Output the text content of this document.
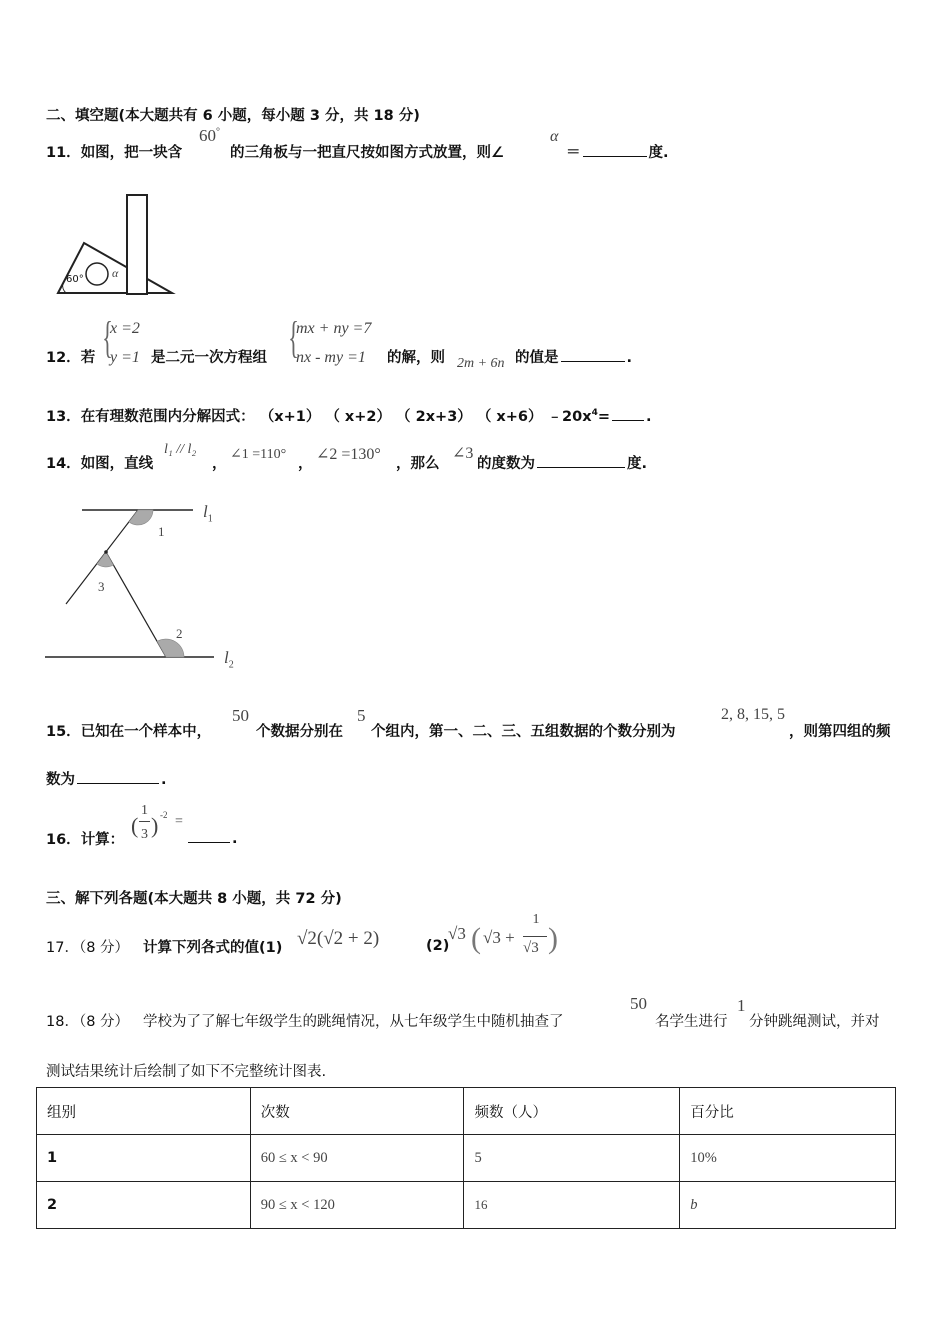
二、填空题(本大题共有 6 小题，每小题 3 分，共 18 分)
11．如图，把一块含
60°
的三角板与一把直尺按如图方式放置，则∠
α
＝	度.
60° α
12．若 {
x =2
y =1 是二元一次方程组 {
mx + ny =7
nx - my =1 的解，则 2m + 6n 的值是	.
13．在有理数范围内分解因式： （x+1） （ x+2） （ 2x+3） （ x+6） $﹣20x^4=$ .
14．如图，直线
l₁ // l₂
，
∠1 =110°
，
∠2 =130°
，那么
∠3
的度数为	度.
$l_1$
$l_2$
1
2
3
15．已知在一个样本中，
50
个数据分别在
5
个组内，第一、二、三、五组数据的个数分别为
2, 8, 15, 5
，则第四组的频
数为	.
16．计算：
(
1
3 ) -2 =
.
三、解下列各题(本大题共 8 小题，共 72 分)
17．（8 分） 计算下列各式的值(1) √2(√2 + 2)	(2)
√3 ( √3 +
1
√3 )
18．（8 分） 学校为了了解七年级学生的跳绳情况，从七年级学生中随机抽查了
50
名学生进行
1
分钟跳绳测试，并对
测试结果统计后绘制了如下不完整统计图表.
组别	次数	频数（人）	百分比
1	60 ≤ x < 90	5	10%
2	90 ≤ x < 120	16	b
